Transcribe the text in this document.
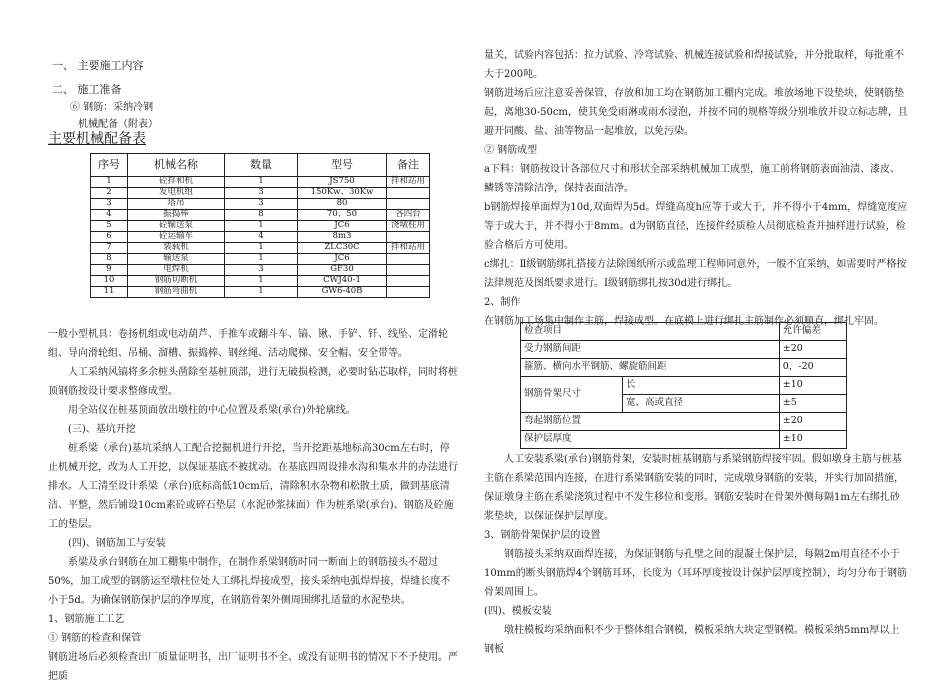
一、 主要施工内容
二、 施工准备
⑥ 钢筋：采纳冷钢
机械配备（附表）
主要机械配备表

一般小型机具：卷扬机组或电动葫芦、手推车或翻斗车、镐、锹、手铲、钎、线坠、定滑轮组、导向滑轮组、吊桶、溜槽、振捣棒、钢丝绳、活动爬梯、安全帽、安全带等。

人工采纳风镐将多余桩头凿除至基桩顶部，进行无破损检测，必要时钻芯取样，同时将桩顶钢筋按设计要求整修成型。

用全站仪在桩基顶面放出墩柱的中心位置及系梁(承台)外轮廓线。

(三)、基坑开挖

桩系梁（承台)基坑采纳人工配合挖掘机进行开挖，当开挖距基地标高30cm左右时，停止机械开挖，改为人工开挖，以保证基底不被扰动。在基底四周设排水沟和集水井的办法进行排水。人工清至设计系梁（承台)底标高低10cm后，清除积水杂物和松散土质，做到基底清洁、平整，然后铺设10cm素砼或碎石垫层（水泥砂浆抹面）作为桩系梁(承台)、钢筋及砼施工的垫层。

(四)、钢筋加工与安装

系梁及承台钢筋在加工棚集中制作，在制作系梁钢筋时同一断面上的钢筋接头不超过50%，加工成型的钢筋运至墩柱位处人工绑扎焊接成型，接头采纳电弧焊焊接，焊缝长度不小于5d。为确保钢筋保护层的净厚度，在钢筋骨架外侧周围绑扎适量的水泥垫块。

1、钢筋施工工艺

① 钢筋的检查和保管

钢筋进场后必须检查出厂质量证明书，出厂证明书不全、或没有证明书的情况下不予使用。严把质

序号	机械名称	数量	型号	备注
1	砼拌和机	1	JS750	拌和站用
2	发电机组	3	150Kw、30Kw	
3	塔吊	3	80	
4	振捣棒	8	70、50	各四台
5	砼输送泵	1	JC6	浇墩柱用
6	砼运输车	4	8m3	
7	装载机	1	ZLC30C	拌和站用
8	输送泵	1	JC6	
9	电焊机	3	GF30	
10	钢筋切断机	1	CWJ40-1	
11	钢筋弯曲机	1	GW6-40B	

量关，试验内容包括：拉力试验、冷弯试验、机械连接试验和焊接试验，并分批取样，每批重不大于200吨。

钢筋进场后应注意妥善保管，存放和加工均在钢筋加工棚内完成。堆放场地下设垫块，使钢筋垫起，离地30-50cm，使其免受雨淋或雨水浸泡，并按不同的规格等级分别堆放并设立标志牌，且避开同酸、盐、油等物品一起堆放，以免污染。

② 钢筋成型

a下料：钢筋按设计各部位尺寸和形状全部采纳机械加工成型，施工前将钢筋表面油渍、漆皮、鳞锈等清除洁净，保持表面洁净。

b钢筋焊接单面焊为10d,双面焊为5d。焊缝高度h应等于或大于，并不得小于4mm，焊缝宽度应等于或大于，并不得小于8mm。d为钢筋直径，连接件经质检人员彻底检查并抽样进行试验，检验合格后方可使用。

c绑扎：Ⅱ级钢筋绑扎搭接方法除图纸所示或监理工程师同意外，一般不宜采纳，如需要时严格按法律规范及图纸要求进行。Ⅰ级钢筋绑扎按30d进行绑扎。

2、制作

在钢筋加工场集中制作主筋，焊接成型。在底模上进行绑扎主筋制作必须顺直，绑扎牢固。

检查项目		允许偏差
受力钢筋间距		±20
箍筋、横向水平钢筋、螺旋筋间距		0，-20
钢筋骨架尺寸	长	±10
	宽、高或直径	±5
弯起钢筋位置		±20
保护层厚度		±10

人工安装系梁(承台)钢筋骨架，安装时桩基钢筋与系梁钢筋焊接牢固。假如墩身主筋与桩基主筋在系梁范围内连接，在进行系梁钢筋安装的同时，完成墩身钢筋的安装，并实行加固措施，保证墩身主筋在系梁浇筑过程中不发生移位和变形。钢筋安装时在骨架外侧每隔1m左右绑扎砂浆垫块，以保证保护层厚度。

3、钢筋骨架保护层的设置

钢筋接头采纳双面焊连接，为保证钢筋与孔壁之间的混凝土保护层，每隔2m用直径不小于10mm的断头钢筋焊4个钢筋耳环，长度为（耳环厚度按设计保护层厚度控制），均匀分布于钢筋骨架周围上。

(四)、模板安装

墩柱模板均采纳面积不少于整体组合钢模，模板采纳大块定型钢模。模板采纳5mm厚以上钢板
